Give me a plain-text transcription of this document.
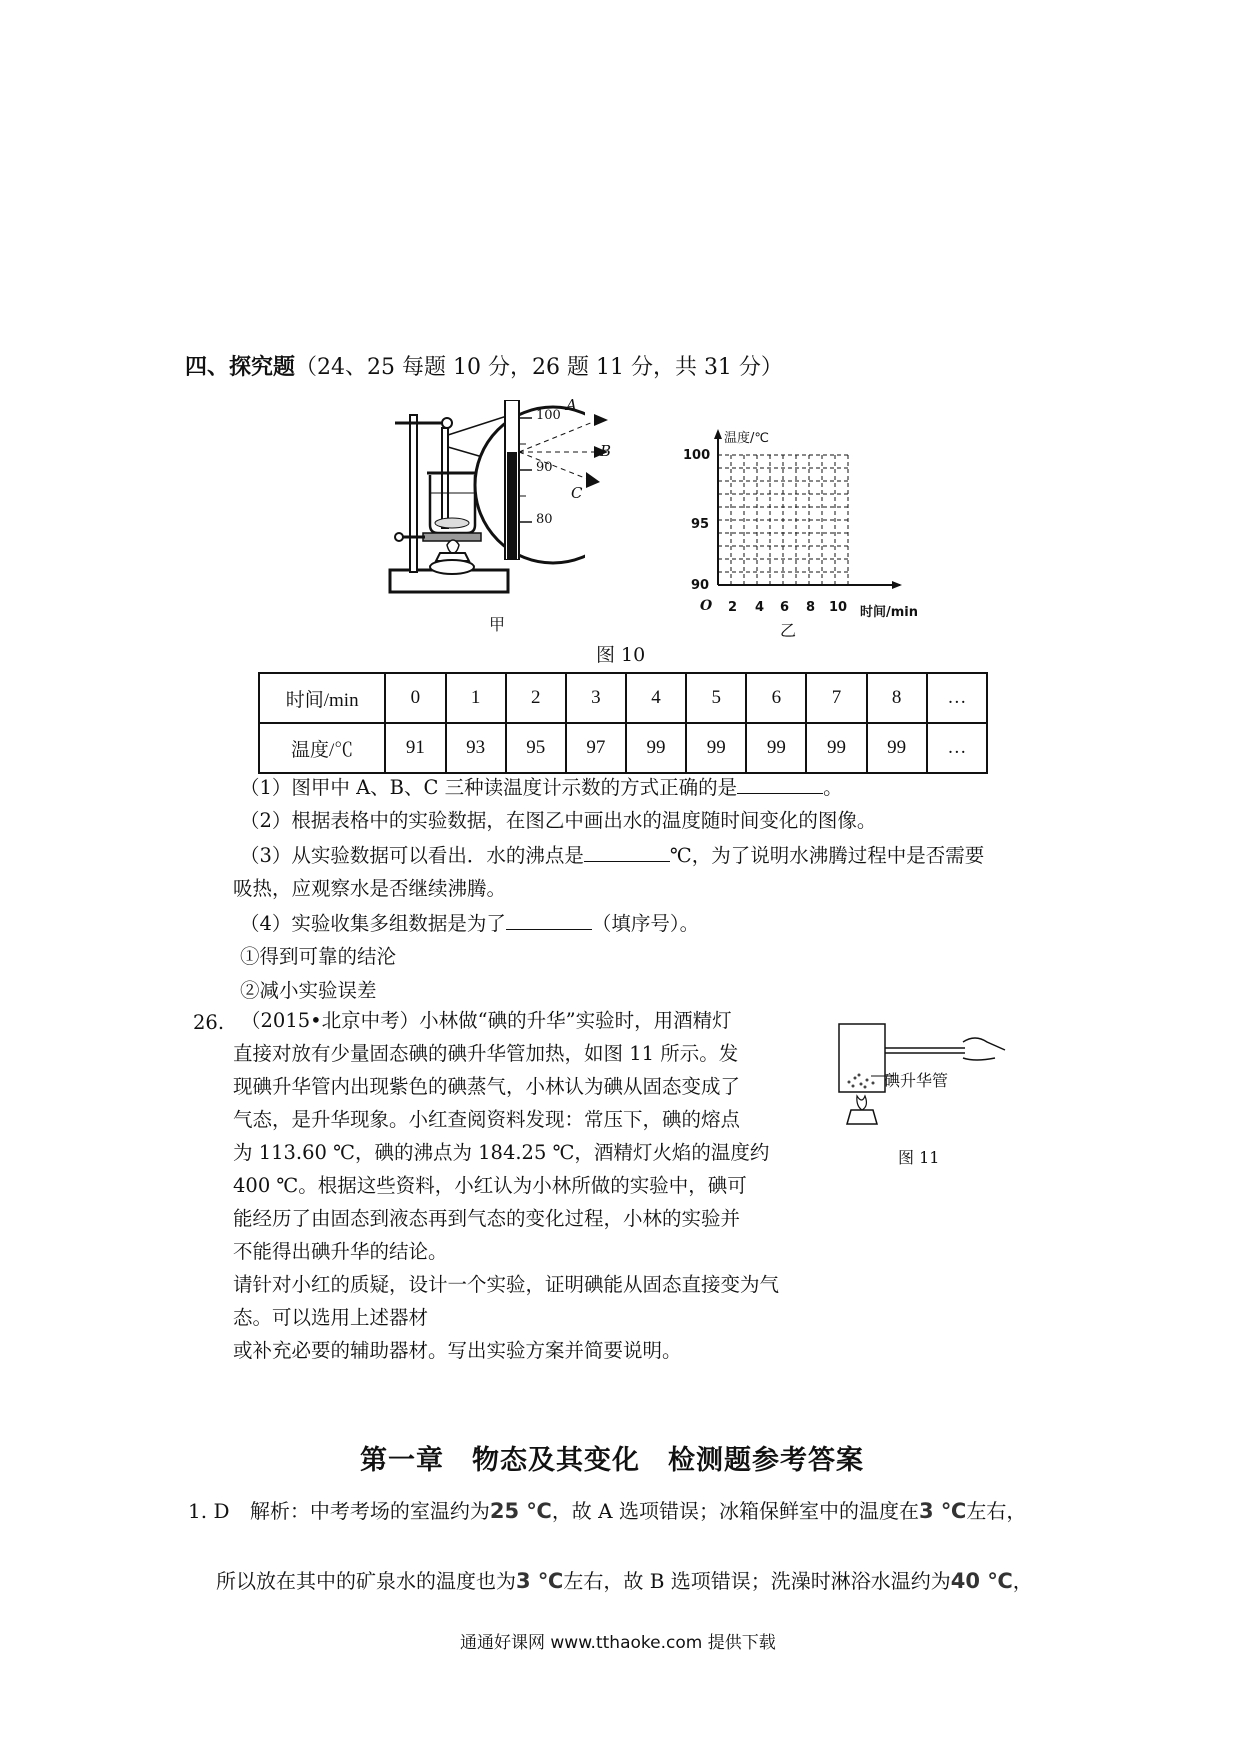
四、探究题（24、25 每题 10 分，26 题 11 分，共 31 分）
100
90
80
A
B
C
甲
温度/℃
100
95
90
O 2 4 6 8 10 时间/min
乙
图 10
时间/min	0	1	2	3	4	5	6	7	8	…
温度/℃	91	93	95	97	99	99	99	99	99	…
（1）图甲中 A、B、C 三种读温度计示数的方式正确的是	。
（2）根据表格中的实验数据，在图乙中画出水的温度随时间变化的图像。
（3）从实验数据可以看出．水的沸点是	℃，为了说明水沸腾过程中是否需要
吸热，应观察水是否继续沸腾。
（4）实验收集多组数据是为了	（填序号）。
①得到可靠的结沦
②减小实验误差
26. （2015•北京中考）小林做“碘的升华”实验时，用酒精灯
直接对放有少量固态碘的碘升华管加热，如图 11 所示。发
现碘升华管内出现紫色的碘蒸气，小林认为碘从固态变成了
气态，是升华现象。小红查阅资料发现：常压下，碘的熔点
为 113.60 ℃，碘的沸点为 184.25 ℃，酒精灯火焰的温度约
400 ℃。根据这些资料，小红认为小林所做的实验中，碘可
能经历了由固态到液态再到气态的变化过程，小林的实验并
不能得出碘升华的结论。
请针对小红的质疑，设计一个实验，证明碘能从固态直接变为气态。可以选用上述器材
或补充必要的辅助器材。写出实验方案并简要说明。
碘升华管
图 11
第一章　物态及其变化　检测题参考答案
1. D 解析：中考考场的室温约为25 ℃，故 A 选项错误；冰箱保鲜室中的温度在3 ℃左右，
所以放在其中的矿泉水的温度也为3 ℃左右，故 B 选项错误；洗澡时淋浴水温约为40 ℃，
通通好课网 www.tthaoke.com 提供下载
